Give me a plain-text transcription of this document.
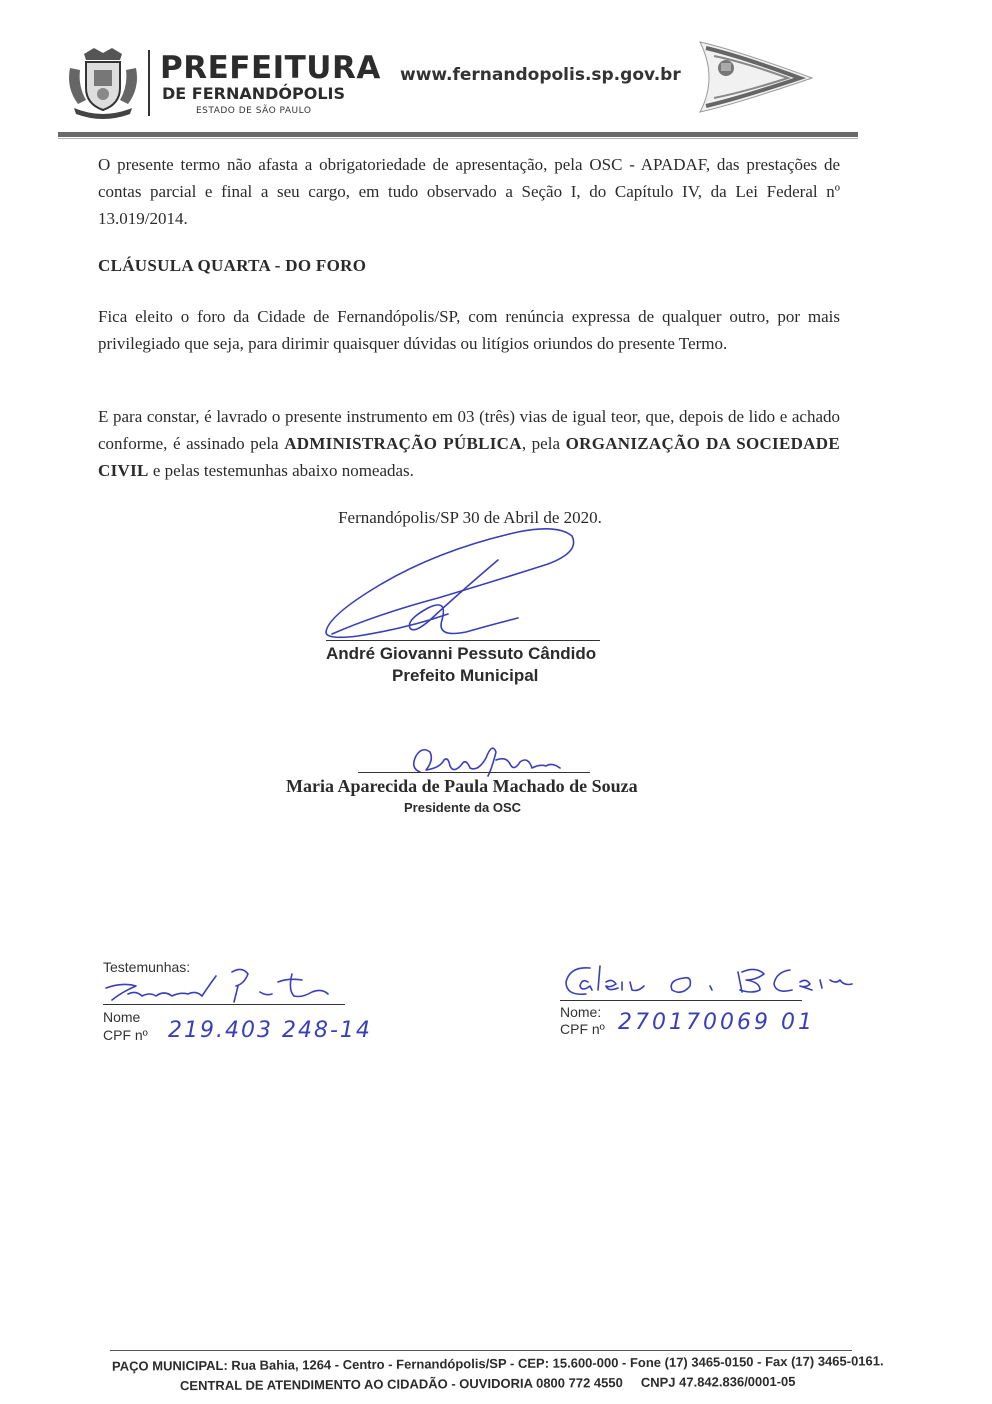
PREFEITURA
DE FERNANDÓPOLIS
ESTADO DE SÃO PAULO
www.fernandopolis.sp.gov.br
O presente termo não afasta a obrigatoriedade de apresentação, pela OSC - APADAF, das prestações de contas parcial e final a seu cargo, em tudo observado a Seção I, do Capítulo IV, da Lei Federal nº 13.019/2014.
CLÁUSULA QUARTA - DO FORO
Fica eleito o foro da Cidade de Fernandópolis/SP, com renúncia expressa de qualquer outro, por mais privilegiado que seja, para dirimir quaisquer dúvidas ou litígios oriundos do presente Termo.
E para constar, é lavrado o presente instrumento em 03 (três) vias de igual teor, que, depois de lido e achado conforme, é assinado pela ADMINISTRAÇÃO PÚBLICA, pela ORGANIZAÇÃO DA SOCIEDADE CIVIL e pelas testemunhas abaixo nomeadas.
Fernandópolis/SP 30 de Abril de 2020.
André Giovanni Pessuto Cândido
Prefeito Municipal
Maria Aparecida de Paula Machado de Souza
Presidente da OSC
Testemunhas:
Nome
CPF nº 219.403 248-14
Nome:
CPF nº 270170069 01
PAÇO MUNICIPAL: Rua Bahia, 1264 - Centro - Fernandópolis/SP - CEP: 15.600-000 - Fone (17) 3465-0150 - Fax (17) 3465-0161.
CENTRAL DE ATENDIMENTO AO CIDADÃO - OUVIDORIA 0800 772 4550 CNPJ 47.842.836/0001-05
